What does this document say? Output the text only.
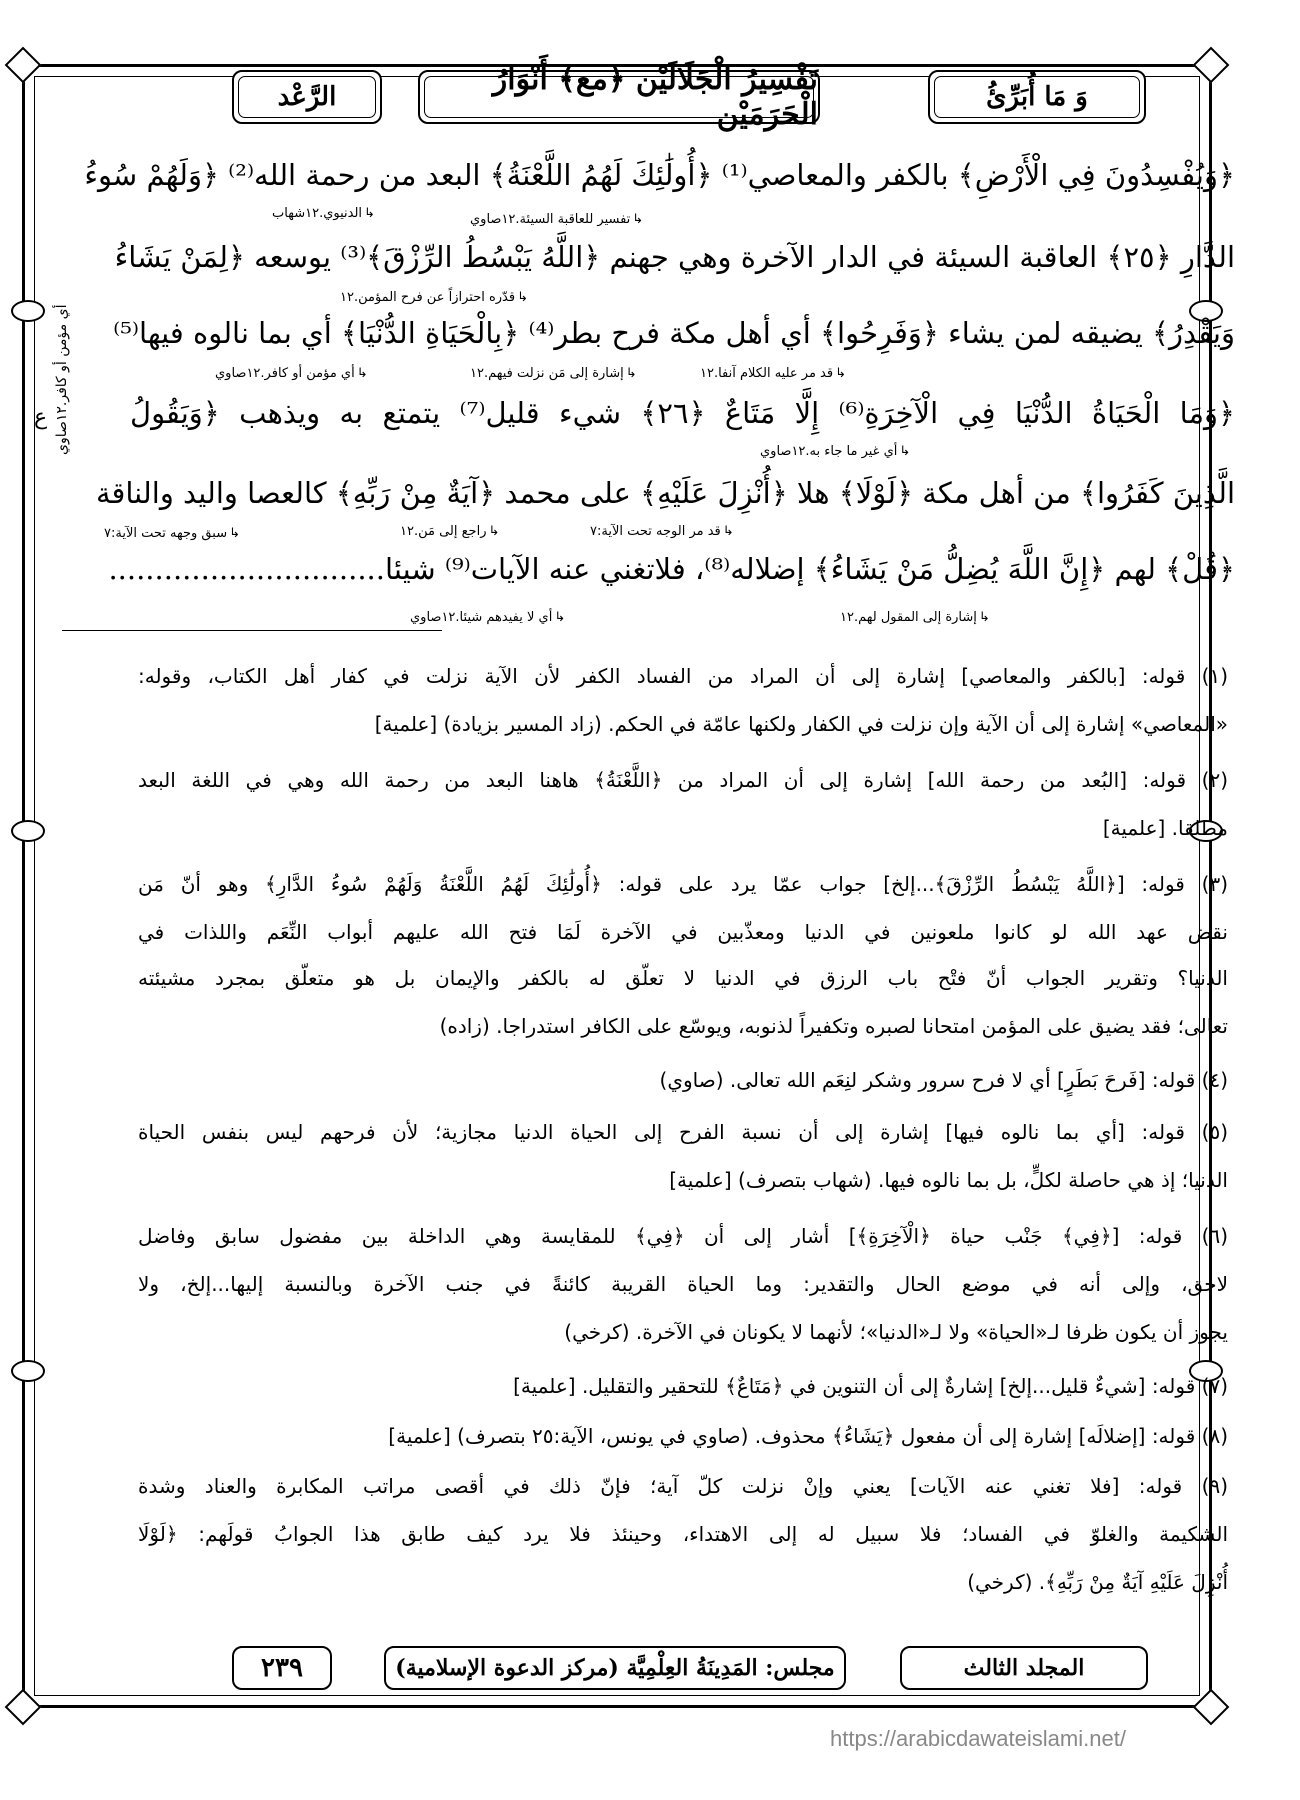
وَ مَا أُبَرِّئُ
تَفْسِيرُ الْجَلَالَيْن ﴿مع﴾ أَنْوَارُ الْحَرَمَيْن
الرَّعْد
أي مؤمن أو كافر.١٢صاوي
ع
﴿وَيُفْسِدُونَ فِي الْأَرْضِ﴾ بالكفر والمعاصي⁽¹⁾ ﴿أُولَٰئِكَ لَهُمُ اللَّعْنَةُ﴾ البعد من رحمة الله⁽²⁾ ﴿وَلَهُمْ سُوءُ
الدَّارِ ﴿٢٥﴾ العاقبة السيئة في الدار الآخرة وهي جهنم ﴿اللَّهُ يَبْسُطُ الرِّزْقَ﴾⁽³⁾ يوسعه ﴿لِمَنْ يَشَاءُ
وَيَقْدِرُ﴾ يضيقه لمن يشاء ﴿وَفَرِحُوا﴾ أي أهل مكة فرح بطر⁽⁴⁾ ﴿بِالْحَيَاةِ الدُّنْيَا﴾ أي بما نالوه فيها⁽⁵⁾
﴿وَمَا الْحَيَاةُ الدُّنْيَا فِي الْآخِرَةِ⁽⁶⁾ إِلَّا مَتَاعٌ ﴿٢٦﴾ شيء قليل⁽⁷⁾ يتمتع به ويذهب ﴿وَيَقُولُ
الَّذِينَ كَفَرُوا﴾ من أهل مكة ﴿لَوْلَا﴾ هلا ﴿أُنْزِلَ عَلَيْهِ﴾ على محمد ﴿آيَةٌ مِنْ رَبِّهِ﴾ كالعصا واليد والناقة
﴿قُلْ﴾ لهم ﴿إِنَّ اللَّهَ يُضِلُّ مَنْ يَشَاءُ﴾ إضلاله⁽⁸⁾، فلاتغني عنه الآيات⁽⁹⁾ شيئا..............................
↳ تفسير للعاقبة السيئة.١٢صاوي
↳ الدنيوي.١٢شهاب
↳ قدّره احترازاً عن فرح المؤمن.١٢
↳ إشارة إلى مَن نزلت فيهم.١٢	↳ قد مر عليه الكلام آنفا.١٢
↳ أي مؤمن أو كافر.١٢صاوي
↳ أي غير ما جاء به.١٢صاوي
↳ راجع إلى مَن.١٢	↳ قد مر الوجه تحت الآية:٧
↳ سبق وجهه تحت الآية:٧
↳ أي لا يفيدهم شيئا.١٢صاوي	↳ إشارة إلى المقول لهم.١٢
(١) قوله: [بالكفر والمعاصي] إشارة إلى أن المراد من الفساد الكفر لأن الآية نزلت في كفار أهل الكتاب، وقوله:
«المعاصي» إشارة إلى أن الآية وإن نزلت في الكفار ولكنها عامّة في الحكم. (زاد المسير بزيادة) [علمية]
(٢) قوله: [البُعد من رحمة الله] إشارة إلى أن المراد من ﴿اللَّعْنَةُ﴾ هاهنا البعد من رحمة الله وهي في اللغة البعد
مطلقا. [علمية]
(٣) قوله: [﴿اللَّهُ يَبْسُطُ الرِّزْقَ﴾...إلخ] جواب عمّا يرد على قوله: ﴿أُولَٰئِكَ لَهُمُ اللَّعْنَةُ وَلَهُمْ سُوءُ الدَّارِ﴾ وهو أنّ مَن
نقض عهد الله لو كانوا ملعونين في الدنيا ومعذّبين في الآخرة لَمَا فتح الله عليهم أبواب النِّعَم واللذات في
الدنيا؟ وتقرير الجواب أنّ فتْح باب الرزق في الدنيا لا تعلّق له بالكفر والإيمان بل هو متعلّق بمجرد مشيئته
تعالى؛ فقد يضيق على المؤمن امتحانا لصبره وتكفيراً لذنوبه، ويوسّع على الكافر استدراجا. (زاده)
(٤) قوله: [فَرحَ بَطَرٍ] أي لا فرح سرور وشكر لنِعَم الله تعالى. (صاوي)
(٥) قوله: [أي بما نالوه فيها] إشارة إلى أن نسبة الفرح إلى الحياة الدنيا مجازية؛ لأن فرحهم ليس بنفس الحياة
الدنيا؛ إذ هي حاصلة لكلٍّ، بل بما نالوه فيها. (شهاب بتصرف) [علمية]
(٦) قوله: [﴿فِي﴾ جَنْب حياة ﴿الْآخِرَةِ﴾] أشار إلى أن ﴿فِي﴾ للمقايسة وهي الداخلة بين مفضول سابق وفاضل
لاحق، وإلى أنه في موضع الحال والتقدير: وما الحياة القريبة كائنةً في جنب الآخرة وبالنسبة إليها...إلخ، ولا
يجوز أن يكون ظرفا لـ«الحياة» ولا لـ«الدنيا»؛ لأنهما لا يكونان في الآخرة. (كرخي)
(٧) قوله: [شيءٌ قليل...إلخ] إشارةٌ إلى أن التنوين في ﴿مَتَاعٌ﴾ للتحقير والتقليل. [علمية]
(٨) قوله: [إضلالَه] إشارة إلى أن مفعول ﴿يَشَاءُ﴾ محذوف. (صاوي في يونس، الآية:٢٥ بتصرف) [علمية]
(٩) قوله: [فلا تغني عنه الآيات] يعني وإنْ نزلت كلّ آية؛ فإنّ ذلك في أقصى مراتب المكابرة والعناد وشدة
الشكيمة والغلوّ في الفساد؛ فلا سبيل له إلى الاهتداء، وحينئذ فلا يرد كيف طابق هذا الجوابُ قولَهم: ﴿لَوْلَا
أُنْزِلَ عَلَيْهِ آيَةٌ مِنْ رَبِّهِ﴾. (كرخي)
المجلد الثالث
مجلس: المَدِينَةُ العِلْمِيَّة (مركز الدعوة الإسلامية)
٢٣٩
https://arabicdawateislami.net/
